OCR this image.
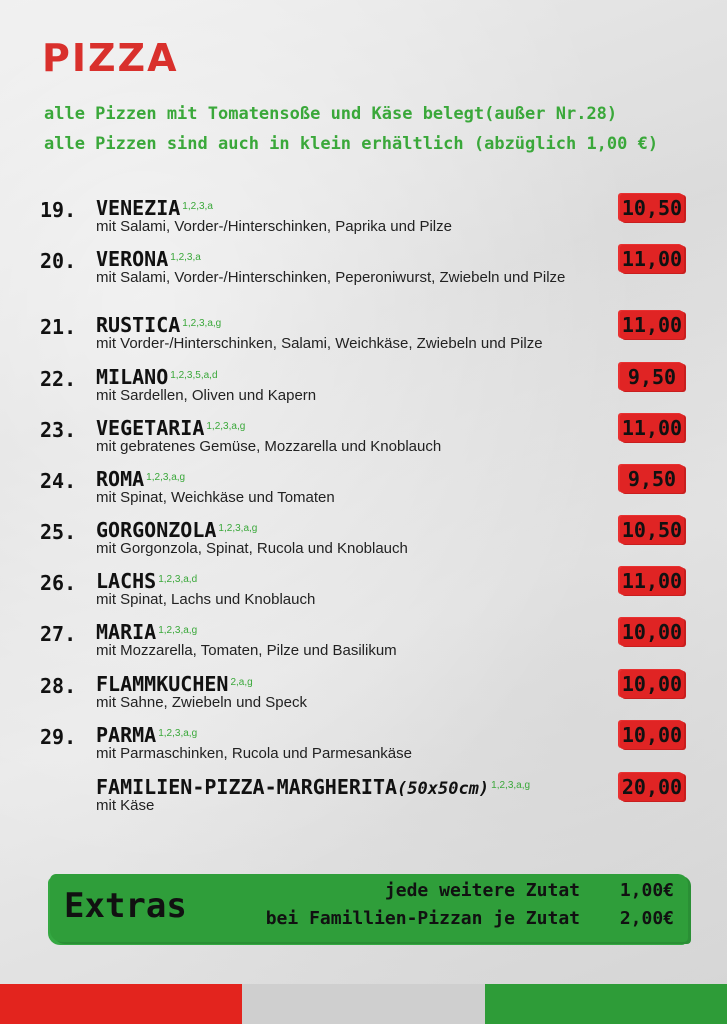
PIZZA
alle Pizzen mit Tomatensoße und Käse belegt(außer Nr.28)
alle Pizzen sind auch in klein erhältlich (abzüglich 1,00 €)
19. VENEZIA $^{1,2,3,a}$
mit Salami, Vorder-/Hinterschinken, Paprika und Pilze
10,50
20. VERONA $^{1,2,3,a}$
mit Salami, Vorder-/Hinterschinken, Peperoniwurst, Zwiebeln und Pilze
11,00
21. RUSTICA $^{1,2,3,a,g}$
mit Vorder-/Hinterschinken, Salami, Weichkäse, Zwiebeln und Pilze
11,00
22. MILANO $^{1,2,3,5,a,d}$
mit Sardellen, Oliven und Kapern
9,50
23. VEGETARIA $^{1,2,3,a,g}$
mit gebratenes Gemüse, Mozzarella und Knoblauch
11,00
24. ROMA $^{1,2,3,a,g}$
mit Spinat, Weichkäse und Tomaten
9,50
25. GORGONZOLA $^{1,2,3,a,g}$
mit Gorgonzola, Spinat, Rucola und Knoblauch
10,50
26. LACHS $^{1,2,3,a,d}$
mit Spinat, Lachs und Knoblauch
11,00
27. MARIA $^{1,2,3,a,g}$
mit Mozzarella, Tomaten, Pilze und Basilikum
10,00
28. FLAMMKUCHEN $^{2,a,g}$
mit Sahne, Zwiebeln und Speck
10,00
29. PARMA $^{1,2,3,a,g}$
mit Parmaschinken, Rucola und Parmesankäse
10,00
FAMILIEN-PIZZA-MARGHERITA(50x50cm) $^{1,2,3,a,g}$
mit Käse
20,00
Extras	jede weitere Zutat 1,00€
bei Famillien-Pizzan je Zutat 2,00€
